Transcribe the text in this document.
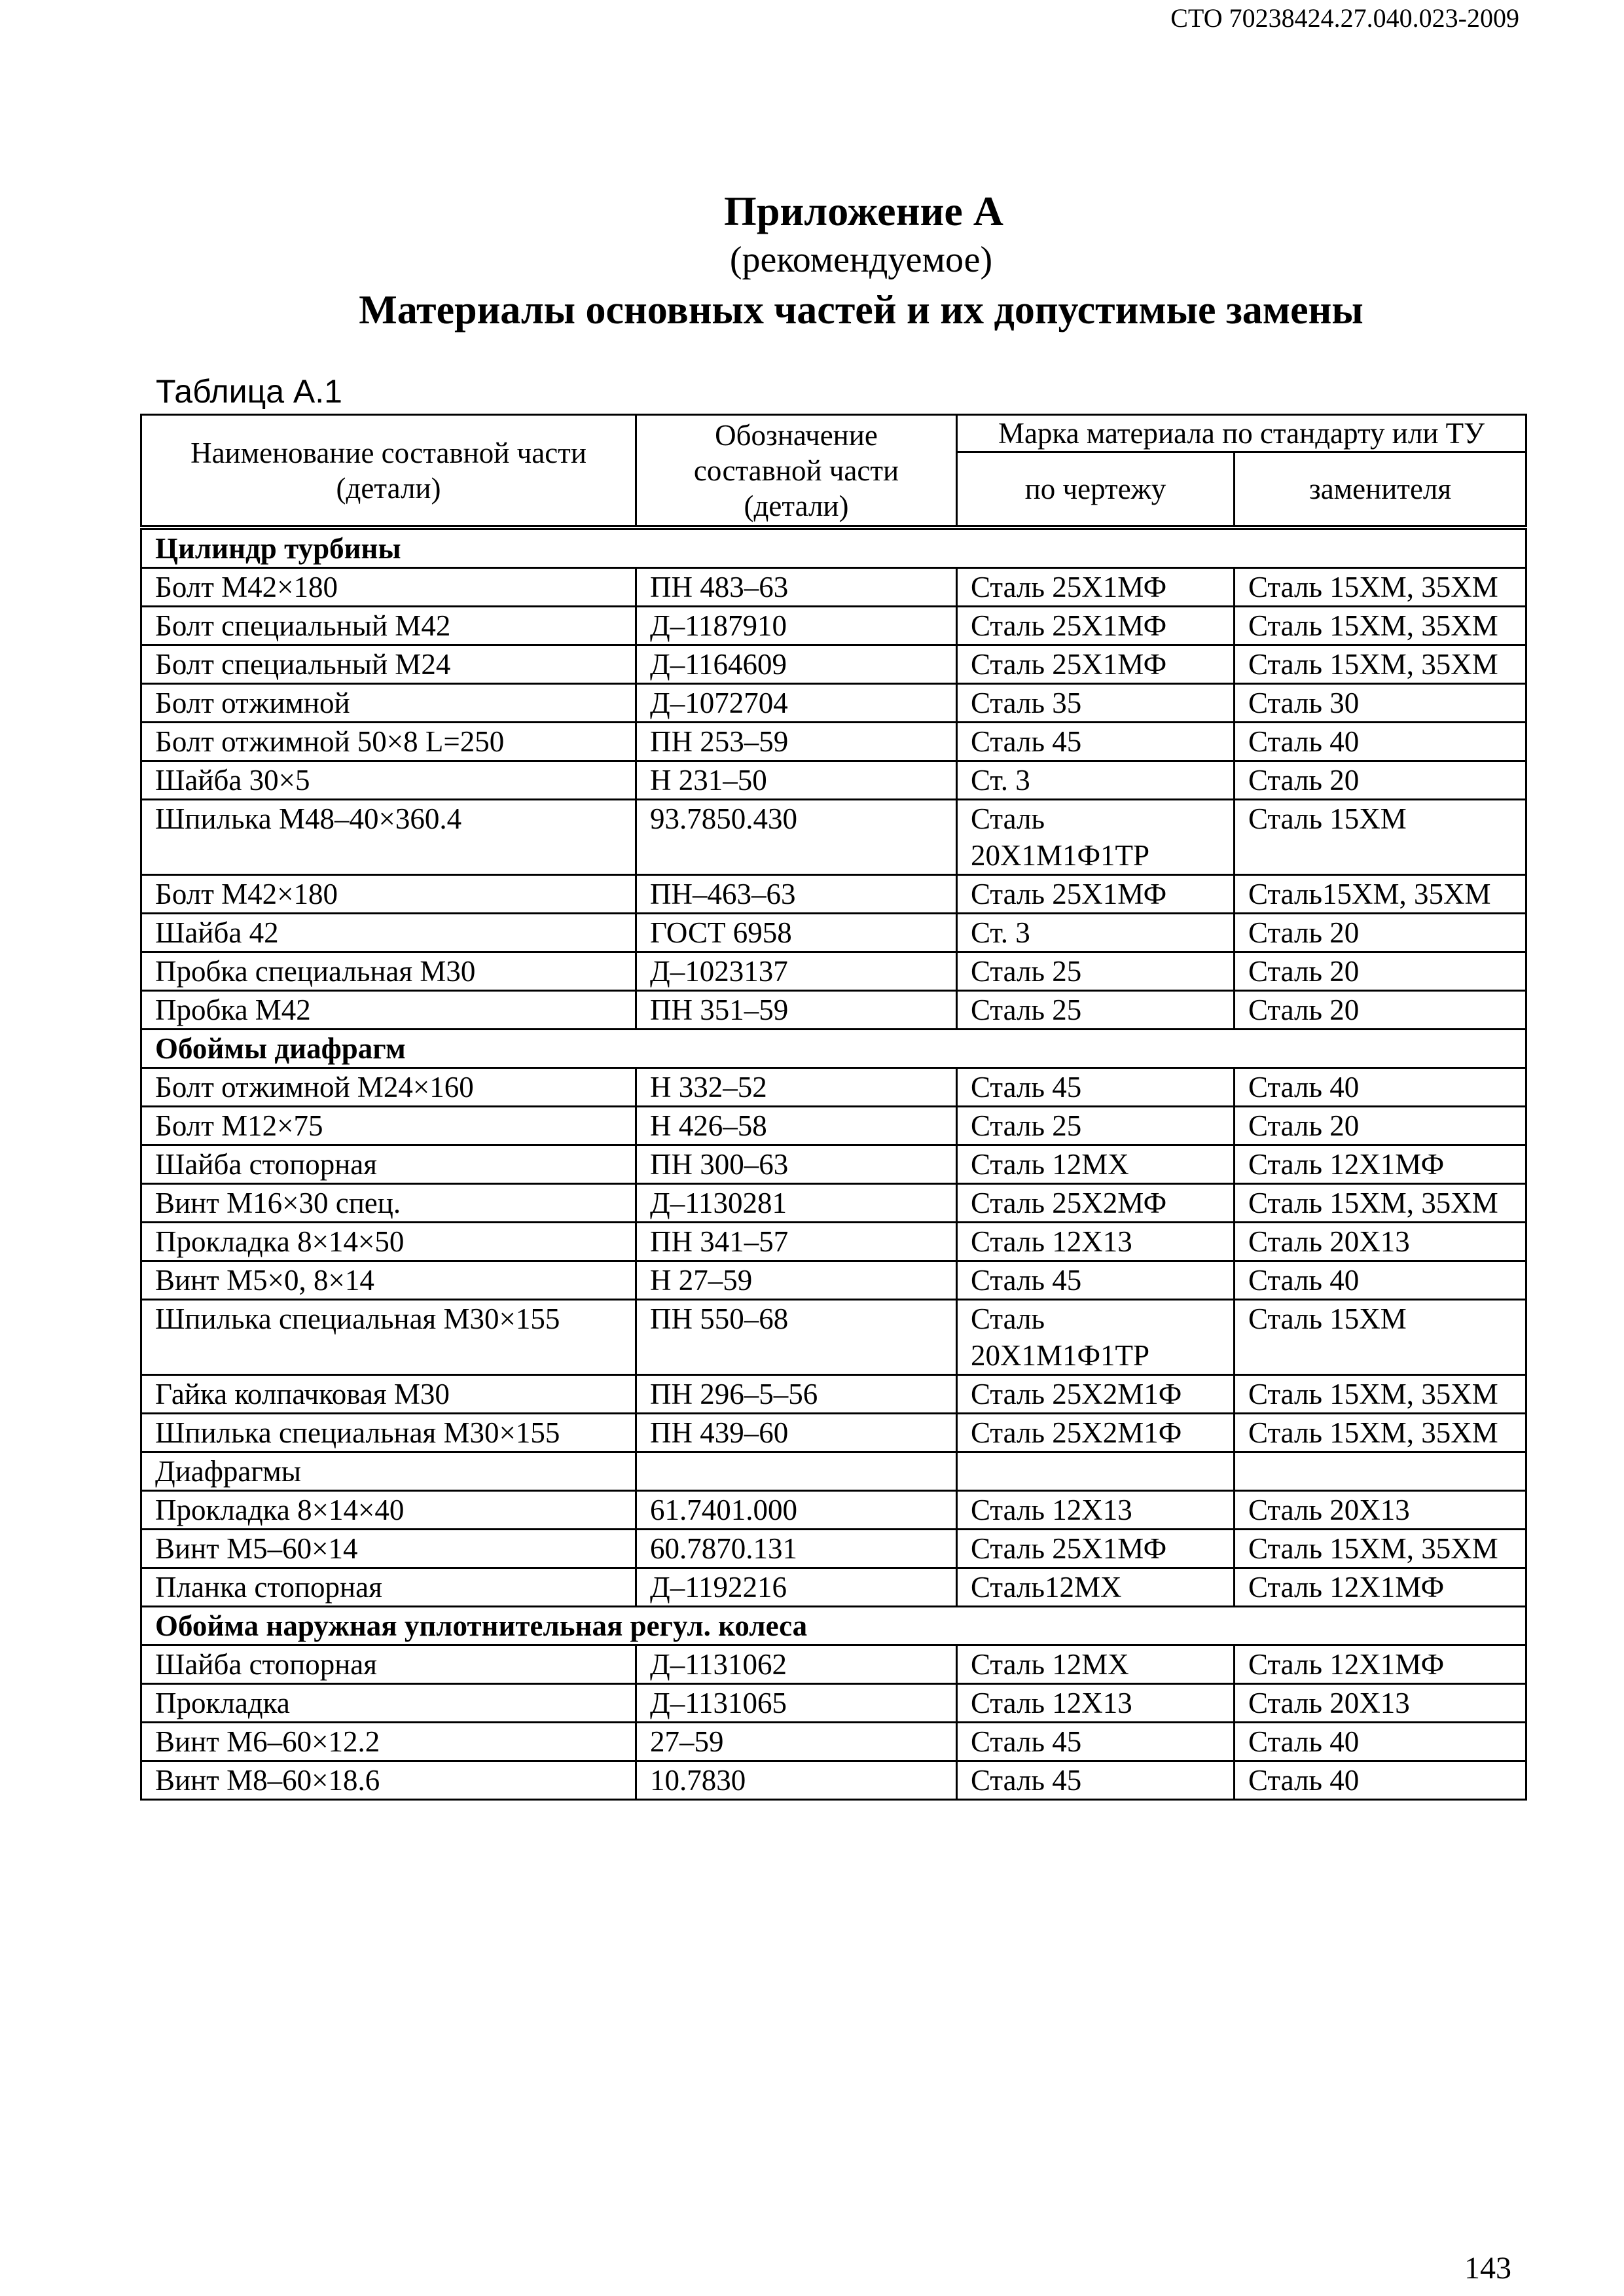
СТО 70238424.27.040.023-2009
Приложение А
(рекомендуемое)
Материалы основных частей и их допустимые замены
Таблица А.1
Наименование составной части (детали)	Обозначение составной части (детали)	Марка материала по стандарту или ТУ	
		по чертежу	заменителя
Цилиндр турбины			
Болт М42×180	ПН 483–63	Сталь 25Х1МФ	Сталь 15ХМ, 35ХМ
Болт специальный М42	Д–1187910	Сталь 25Х1МФ	Сталь 15ХМ, 35ХМ
Болт специальный М24	Д–1164609	Сталь 25Х1МФ	Сталь 15ХМ, 35ХМ
Болт отжимной	Д–1072704	Сталь 35	Сталь 30
Болт отжимной 50×8 L=250	ПН 253–59	Сталь 45	Сталь 40
Шайба 30×5	Н 231–50	Ст. 3	Сталь 20
Шпилька М48–40×360.4	93.7850.430	Сталь 20Х1М1Ф1ТР	Сталь 15ХМ
Болт М42×180	ПН–463–63	Сталь 25Х1МФ	Сталь15ХМ, 35ХМ
Шайба 42	ГОСТ 6958	Ст. 3	Сталь 20
Пробка специальная М30	Д–1023137	Сталь 25	Сталь 20
Пробка М42	ПН 351–59	Сталь 25	Сталь 20
Обоймы диафрагм			
Болт отжимной М24×160	Н 332–52	Сталь 45	Сталь 40
Болт М12×75	Н 426–58	Сталь 25	Сталь 20
Шайба стопорная	ПН 300–63	Сталь 12МХ	Сталь 12Х1МФ
Винт М16×30 спец.	Д–1130281	Сталь 25Х2МФ	Сталь 15ХМ, 35ХМ
Прокладка 8×14×50	ПН 341–57	Сталь 12Х13	Сталь 20Х13
Винт М5×0, 8×14	Н 27–59	Сталь 45	Сталь 40
Шпилька специальная М30×155	ПН 550–68	Сталь 20Х1М1Ф1ТР	Сталь 15ХМ
Гайка колпачковая М30	ПН 296–5–56	Сталь 25Х2М1Ф	Сталь 15ХМ, 35ХМ
Шпилька специальная М30×155	ПН 439–60	Сталь 25Х2М1Ф	Сталь 15ХМ, 35ХМ
Диафрагмы			
Прокладка 8×14×40	61.7401.000	Сталь 12Х13	Сталь 20Х13
Винт М5–60×14	60.7870.131	Сталь 25Х1МФ	Сталь 15ХМ, 35ХМ
Планка стопорная	Д–1192216	Сталь12МХ	Сталь 12Х1МФ
Обойма наружная уплотнительная регул. колеса			
Шайба стопорная	Д–1131062	Сталь 12МХ	Сталь 12Х1МФ
Прокладка	Д–1131065	Сталь 12Х13	Сталь 20Х13
Винт М6–60×12.2	27–59	Сталь 45	Сталь 40
Винт М8–60×18.6	10.7830	Сталь 45	Сталь 40
143
